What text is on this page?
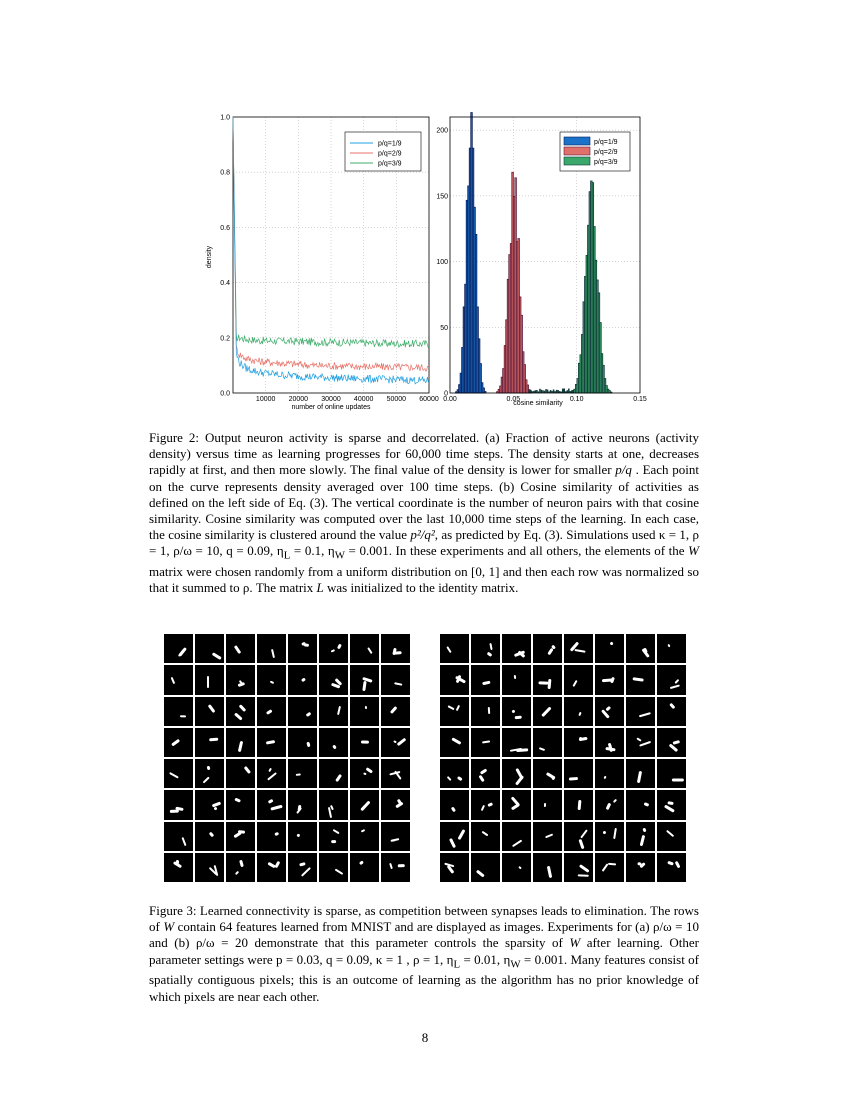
10000 20000 30000 40000 50000 60000
0.0
0.2
0.4
0.6
0.8
1.0
density
number of online updates
p/q=1/9
p/q=2/9
p/q=3/9
0.00	0.05	0.10	0.15
0
50
100
150
200
cosine similarity
p/q=1/9
p/q=2/9
p/q=3/9
Figure 2: Output neuron activity is sparse and decorrelated. (a) Fraction of active neurons (activity density) versus time as learning progresses for 60,000 time steps. The density starts at one, decreases rapidly at first, and then more slowly. The final value of the density is lower for smaller p/q . Each point on the curve represents density averaged over 100 time steps. (b) Cosine similarity of activities as defined on the left side of Eq. (3). The vertical coordinate is the number of neuron pairs with that cosine similarity. Cosine similarity was computed over the last 10,000 time steps of the learning. In each case, the cosine similarity is clustered around the value p²/q², as predicted by Eq. (3). Simulations used κ = 1, ρ = 1, ρ/ω = 10, q = 0.09, $\eta_L = 0.1$, $\eta_W = 0.001$. In these experiments and all others, the elements of the W matrix were chosen randomly from a uniform distribution on [0, 1] and then each row was normalized so that it summed to ρ. The matrix L was initialized to the identity matrix.
Figure 3: Learned connectivity is sparse, as competition between synapses leads to elimination. The rows of W contain 64 features learned from MNIST and are displayed as images. Experiments for (a) ρ/ω = 10 and (b) ρ/ω = 20 demonstrate that this parameter controls the sparsity of W after learning. Other parameter settings were p = 0.03, q = 0.09, κ = 1 , ρ = 1, $\eta_L = 0.01$, $\eta_W = 0.001$. Many features consist of spatially contiguous pixels; this is an outcome of learning as the algorithm has no prior knowledge of which pixels are near each other.
8
